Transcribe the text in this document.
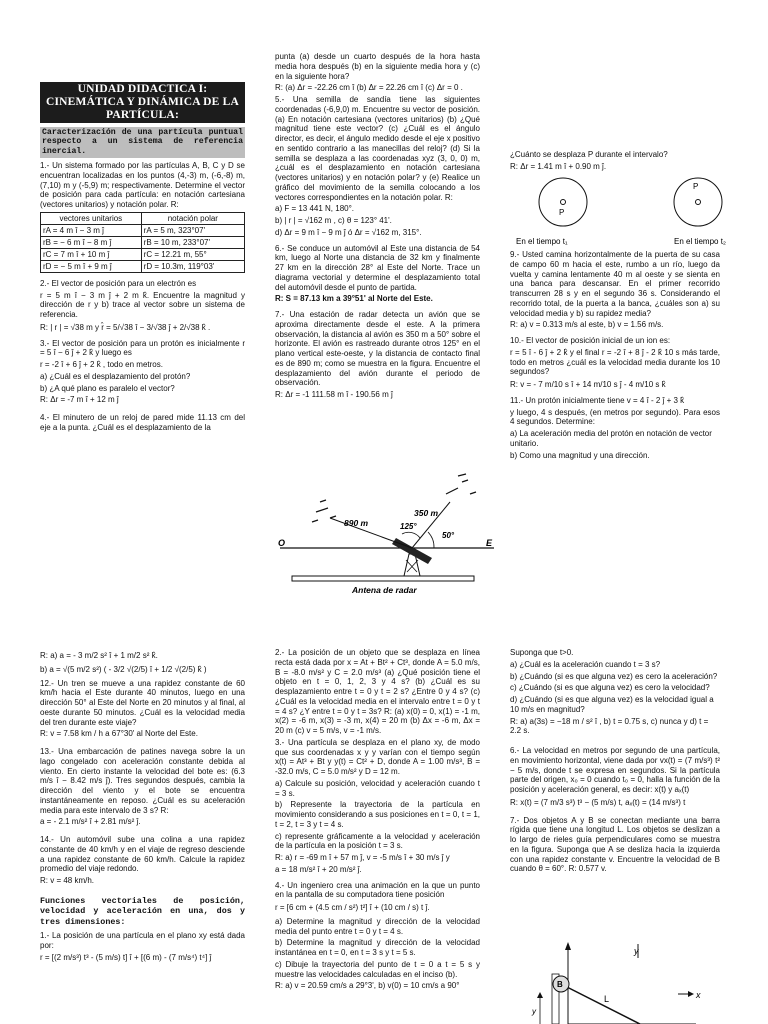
UNIDAD DIDACTICA I: CINEMÁTICA Y DINÁMICA DE LA PARTÍCULA:
Caracterización de una partícula puntual respecto a un sistema de referencia inercial.

1.- Un sistema formado por las partículas A, B, C y D se encuentran localizadas en los puntos (4,-3) m, (-6,-8) m, (7,10) m y (-5,9) m; respectivamente. Determine el vector de posición para cada partícula: en notación cartesiana (vectores unitarios) y notación polar. R:

vectores unitarios	notación polar
rA = 4 m î − 3 m ĵ	rA = 5 m, 323°07'
rB = − 6 m î − 8 m ĵ	rB = 10 m, 233°07'
rC = 7 m î + 10 m ĵ	rC = 12.21 m, 55°
rD = − 5 m î + 9 m ĵ	rD = 10.3m, 119°03'

2.- El vector de posición para un electrón es

r = 5 m î − 3 m ĵ + 2 m k̂. Encuentre la magnitud y dirección de r y b) trace al vector sobre un sistema de referencia.

R: | r | = √38 m y r̂ = 5/√38 î − 3/√38 ĵ + 2/√38 k̂ .

3.- El vector de posición para un protón es inicialmente r = 5 î − 6 ĵ + 2 k̂ y luego es

r = -2 î + 6 ĵ + 2 k̂ , todo en metros.

a) ¿Cuál es el desplazamiento del protón?

b) ¿A qué plano es paralelo el vector?

R: Δr = -7 m î + 12 m ĵ

4.- El minutero de un reloj de pared mide 11.13 cm del eje a la punta. ¿Cuál es el desplazamiento de la

punta (a) desde un cuarto después de la hora hasta media hora después (b) en la siguiente media hora y (c) en la siguiente hora?

R: (a) Δr = -22.26 cm î (b) Δr = 22.26 cm î (c) Δr = 0 .

5.- Una semilla de sandía tiene las siguientes coordenadas (-6,9,0) m. Encuentre su vector de posición. (a) En notación cartesiana (vectores unitarios) (b) ¿Qué magnitud tiene este vector? (c) ¿Cuál es el ángulo director, es decir, el ángulo medido desde el eje x positivo en sentido contrario a las manecillas del reloj? (d) Si la semilla se desplaza a las coordenadas xyz (3, 0, 0) m, ¿cuál es el desplazamiento en notación cartesiana (vectores unitarios) y en notación polar? y (e) Realice un gráfico del movimiento de la semilla colocando a los vectores correspondientes en la notación polar. R:

a) F = 13 441 N, 180°.

b) | r | = √162 m , c) θ = 123° 41'.

d) Δr = 9 m î − 9 m ĵ ó Δr = √162 m, 315°.

6.- Se conduce un automóvil al Este una distancia de 54 km, luego al Norte una distancia de 32 km y finalmente 27 km en la dirección 28° al Este del Norte. Trace un diagrama vectorial y determine el desplazamiento total del automóvil desde el punto de partida.

R: S = 87.13 km a 39°51' al Norte del Este.

7.- Una estación de radar detecta un avión que se aproxima directamente desde el este. A la primera observación, la distancia al avión es 350 m a 50° sobre el horizonte. El avión es rastreado durante otros 125° en el plano vertical este-oeste, y la distancia de contacto final es de 890 m; como se muestra en la figura. Encuentre el desplazamiento del avión durante el periodo de observación.

R: Δr = -1 111.58 m î - 190.56 m ĵ

350 m
890 m	125°
50°
O	E
Antena de radar

¿Cuánto se desplaza P durante el intervalo?

R: Δr = 1.41 m î + 0.90 m ĵ.

P
P
En el tiempo t₁	En el tiempo t₂

9.- Usted camina horizontalmente de la puerta de su casa de campo 60 m hacia el este, rumbo a un río, luego da vuelta y camina lentamente 40 m al oeste y se sienta en una banca para descansar. En el primer recorrido transcurren 28 s y en el segundo 36 s. Considerando el recorrido total, de la puerta a la banca, ¿cuáles son a) su velocidad media y b) su rapidez media?

R: a) v = 0.313 m/s al este, b) v = 1.56 m/s.

10.- El vector de posición inicial de un ion es:

r = 5 î - 6 ĵ + 2 k̂ y el final r = -2 î + 8 ĵ - 2 k̂ 10 s más tarde, todo en metros ¿cuál es la velocidad media durante los 10 segundos?

R: v = - 7 m/10 s î + 14 m/10 s ĵ - 4 m/10 s k̂

11.- Un protón inicialmente tiene v = 4 î - 2 ĵ + 3 k̂

y luego, 4 s después, (en metros por segundo). Para esos 4 segundos. Determine:

a) La aceleración media del protón en notación de vector unitario.

b) Como una magnitud y una dirección.

R: a) a = - 3 m/2 s² î + 1 m/2 s² k̂.

b) a = √(5 m/2 s²) ( - 3/2 √(2/5) î + 1/2 √(2/5) k̂ )

12.- Un tren se mueve a una rapidez constante de 60 km/h hacia el Este durante 40 minutos, luego en una dirección 50° al Este del Norte en 20 minutos y al final, al oeste durante 50 minutos. ¿Cuál es la velocidad media del tren durante este viaje?

R: v = 7.58 km / h a 67°30' al Norte del Este.

13.- Una embarcación de patines navega sobre la un lago congelado con aceleración constante debida al viento. En cierto instante la velocidad del bote es: (6.3 m/s î − 8.42 m/s ĵ). Tres segundos después, cambia la dirección del viento y el bote se encuentra instantáneamente en reposo. ¿Cuál es su aceleración media para este intervalo de 3 s? R:

a = - 2.1 m/s² î + 2.81 m/s² ĵ.

14.- Un automóvil sube una colina a una rapidez constante de 40 km/h y en el viaje de regreso desciende a una rapidez constante de 60 km/h. Calcule la rapidez promedio del viaje redondo.

R: v = 48 km/h.

Funciones vectoriales de posición, velocidad y aceleración en una, dos y tres dimensiones:

1.- La posición de una partícula en el plano xy está dada por:

r = [(2 m/s³) t³ - (5 m/s) t] î + [(6 m) - (7 m/s⁴) t⁴] ĵ

2.- La posición de un objeto que se desplaza en línea recta está dada por x = At + Bt² + Ct³, donde A = 5.0 m/s, B = -8.0 m/s² y C = 2.0 m/s³ (a) ¿Qué posición tiene el objeto en t = 0, 1, 2, 3 y 4 s? (b) ¿Cuál es su desplazamiento entre t = 0 y t = 2 s? ¿Entre 0 y 4 s? (c) ¿Cuál es la velocidad media en el intervalo entre t = 0 y t = 4 s? ¿Y entre t = 0 y t = 3s? R: (a) x(0) = 0, x(1) = -1 m, x(2) = -6 m, x(3) = -3 m, x(4) = 20 m (b) Δx = -6 m, Δx = 20 m (c) v = 5 m/s, v = -1 m/s.

3.- Una partícula se desplaza en el plano xy, de modo que sus coordenadas x y y varían con el tiempo según x(t) = At³ + Bt y y(t) = Ct² + D, donde A = 1.00 m/s³, B = -32.0 m/s, C = 5.0 m/s² y D = 12 m.

a) Calcule su posición, velocidad y aceleración cuando t = 3 s.

b) Represente la trayectoria de la partícula en movimiento considerando a sus posiciones en t = 0, t = 1, t = 2, t = 3 y t = 4 s.

c) represente gráficamente a la velocidad y aceleración de la partícula en la posición t = 3 s.

R: a) r = -69 m î + 57 m ĵ, v = -5 m/s î + 30 m/s ĵ y

a = 18 m/s² î + 20 m/s² ĵ.

4.- Un ingeniero crea una animación en la que un punto en la pantalla de su computadora tiene posición

r = [6 cm + (4.5 cm / s²) t²] î + (10 cm / s) t ĵ.

a) Determine la magnitud y dirección de la velocidad media del punto entre t = 0 y t = 4 s.

b) Determine la magnitud y dirección de la velocidad instantánea en t = 0, en t = 3 s y t = 5 s.

c) Dibuje la trayectoria del punto de t = 0 a t = 5 s y muestre las velocidades calculadas en el inciso (b).

R: a) v = 20.59 cm/s a 29°3', b) v(0) = 10 cm/s a 90°

Suponga que t>0.

a) ¿Cuál es la aceleración cuando t = 3 s?

b) ¿Cuándo (si es que alguna vez) es cero la aceleración?

c) ¿Cuándo (si es que alguna vez) es cero la velocidad?

d) ¿Cuándo (si es que alguna vez) es la velocidad igual a 10 m/s en magnitud?

R: a) a(3s) = −18 m / s² î , b) t = 0.75 s, c) nunca y d) t = 2.2 s.

6.- La velocidad en metros por segundo de una partícula, en movimiento horizontal, viene dada por vx(t) = (7 m/s³) t² − 5 m/s, donde t se expresa en segundos. Si la partícula parte del origen, x₀ = 0 cuando t₀ = 0, halla la función de la posición y aceleración general, es decir: x(t) y aₓ(t)

R: x(t) = (7 m/3 s³) t³ − (5 m/s) t, aₓ(t) = (14 m/s³) t

7.- Dos objetos A y B se conectan mediante una barra rígida que tiene una longitud L. Los objetos se deslizan a lo largo de rieles guía perpendiculares como se muestra en la figura. Suponga que A se desliza hacia la izquierda con una rapidez constante v. Encuentre la velocidad de B cuando θ = 60°. R: 0.577 v.

y
x
B
L
y
